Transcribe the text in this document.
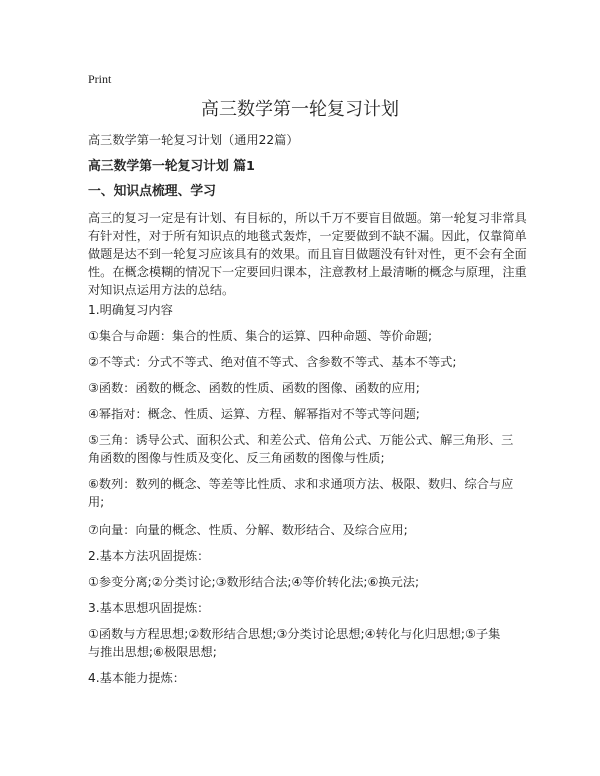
Print
高三数学第一轮复习计划
高三数学第一轮复习计划（通用22篇）
高三数学第一轮复习计划 篇1
一、知识点梳理、学习
高三的复习一定是有计划、有目标的，所以千万不要盲目做题。第一轮复习非常具
有针对性，对于所有知识点的地毯式轰炸，一定要做到不缺不漏。因此，仅靠简单
做题是达不到一轮复习应该具有的效果。而且盲目做题没有针对性，更不会有全面
性。在概念模糊的情况下一定要回归课本，注意教材上最清晰的概念与原理，注重
对知识点运用方法的总结。
1.明确复习内容
①集合与命题：集合的性质、集合的运算、四种命题、等价命题;
②不等式：分式不等式、绝对值不等式、含参数不等式、基本不等式;
③函数：函数的概念、函数的性质、函数的图像、函数的应用;
④幂指对：概念、性质、运算、方程、解幂指对不等式等问题;
⑤三角：诱导公式、面积公式、和差公式、倍角公式、万能公式、解三角形、三
角函数的图像与性质及变化、反三角函数的图像与性质;
⑥数列：数列的概念、等差等比性质、求和求通项方法、极限、数归、综合与应
用;
⑦向量：向量的概念、性质、分解、数形结合、及综合应用;
2.基本方法巩固提炼：
①参变分离;②分类讨论;③数形结合法;④等价转化法;⑥换元法;
3.基本思想巩固提炼：
①函数与方程思想;②数形结合思想;③分类讨论思想;④转化与化归思想;⑤子集
与推出思想;⑥极限思想;
4.基本能力提炼：
